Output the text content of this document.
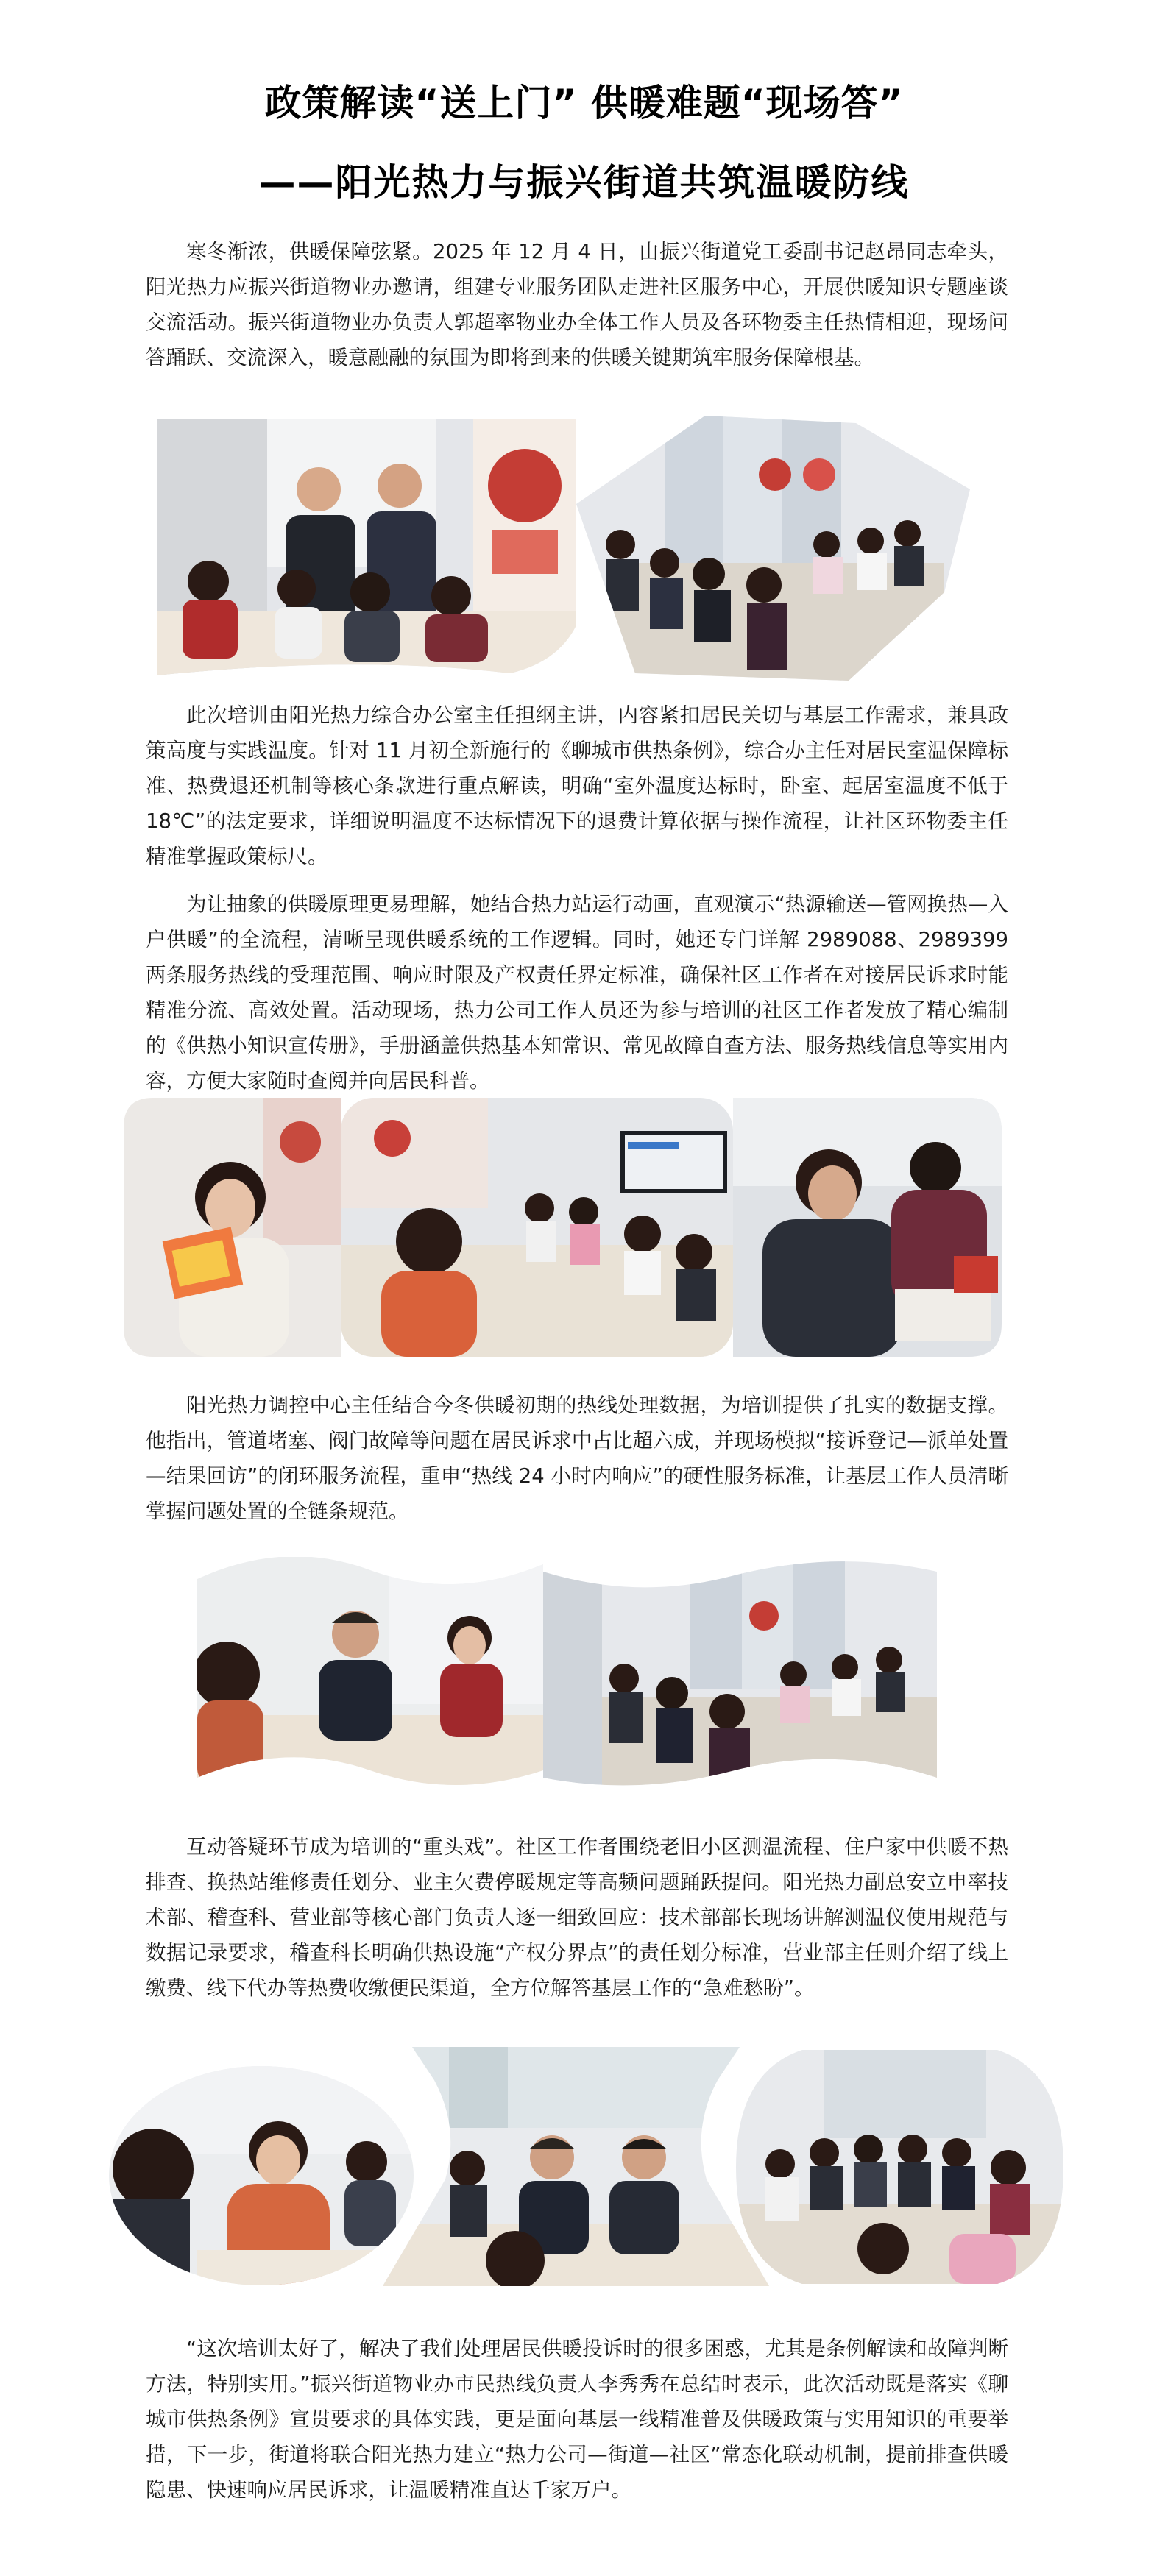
政策解读“送上门” 供暖难题“现场答”
——阳光热力与振兴街道共筑温暖防线

寒冬渐浓，供暖保障弦紧。2025 年 12 月 4 日，由振兴街道党工委副书记赵昂同志牵头，阳光热力应振兴街道物业办邀请，组建专业服务团队走进社区服务中心，开展供暖知识专题座谈交流活动。振兴街道物业办负责人郭超率物业办全体工作人员及各环物委主任热情相迎，现场问答踊跃、交流深入，暖意融融的氛围为即将到来的供暖关键期筑牢服务保障根基。

此次培训由阳光热力综合办公室主任担纲主讲，内容紧扣居民关切与基层工作需求，兼具政策高度与实践温度。针对 11 月初全新施行的《聊城市供热条例》，综合办主任对居民室温保障标准、热费退还机制等核心条款进行重点解读，明确“室外温度达标时，卧室、起居室温度不低于 18℃”的法定要求，详细说明温度不达标情况下的退费计算依据与操作流程，让社区环物委主任精准掌握政策标尺。

为让抽象的供暖原理更易理解，她结合热力站运行动画，直观演示“热源输送—管网换热—入户供暖”的全流程，清晰呈现供暖系统的工作逻辑。同时，她还专门详解 2989088、2989399 两条服务热线的受理范围、响应时限及产权责任界定标准，确保社区工作者在对接居民诉求时能精准分流、高效处置。活动现场，热力公司工作人员还为参与培训的社区工作者发放了精心编制的《供热小知识宣传册》，手册涵盖供热基本知常识、常见故障自查方法、服务热线信息等实用内容，方便大家随时查阅并向居民科普。

阳光热力调控中心主任结合今冬供暖初期的热线处理数据，为培训提供了扎实的数据支撑。他指出，管道堵塞、阀门故障等问题在居民诉求中占比超六成，并现场模拟“接诉登记—派单处置—结果回访”的闭环服务流程，重申“热线 24 小时内响应”的硬性服务标准，让基层工作人员清晰掌握问题处置的全链条规范。

互动答疑环节成为培训的“重头戏”。社区工作者围绕老旧小区测温流程、住户家中供暖不热排查、换热站维修责任划分、业主欠费停暖规定等高频问题踊跃提问。阳光热力副总安立申率技术部、稽查科、营业部等核心部门负责人逐一细致回应：技术部部长现场讲解测温仪使用规范与数据记录要求，稽查科长明确供热设施“产权分界点”的责任划分标准，营业部主任则介绍了线上缴费、线下代办等热费收缴便民渠道，全方位解答基层工作的“急难愁盼”。

“这次培训太好了，解决了我们处理居民供暖投诉时的很多困惑，尤其是条例解读和故障判断方法，特别实用。”振兴街道物业办市民热线负责人李秀秀在总结时表示，此次活动既是落实《聊城市供热条例》宣贯要求的具体实践，更是面向基层一线精准普及供暖政策与实用知识的重要举措，下一步，街道将联合阳光热力建立“热力公司—街道—社区”常态化联动机制，提前排查供暖隐患、快速响应居民诉求，让温暖精准直达千家万户。
